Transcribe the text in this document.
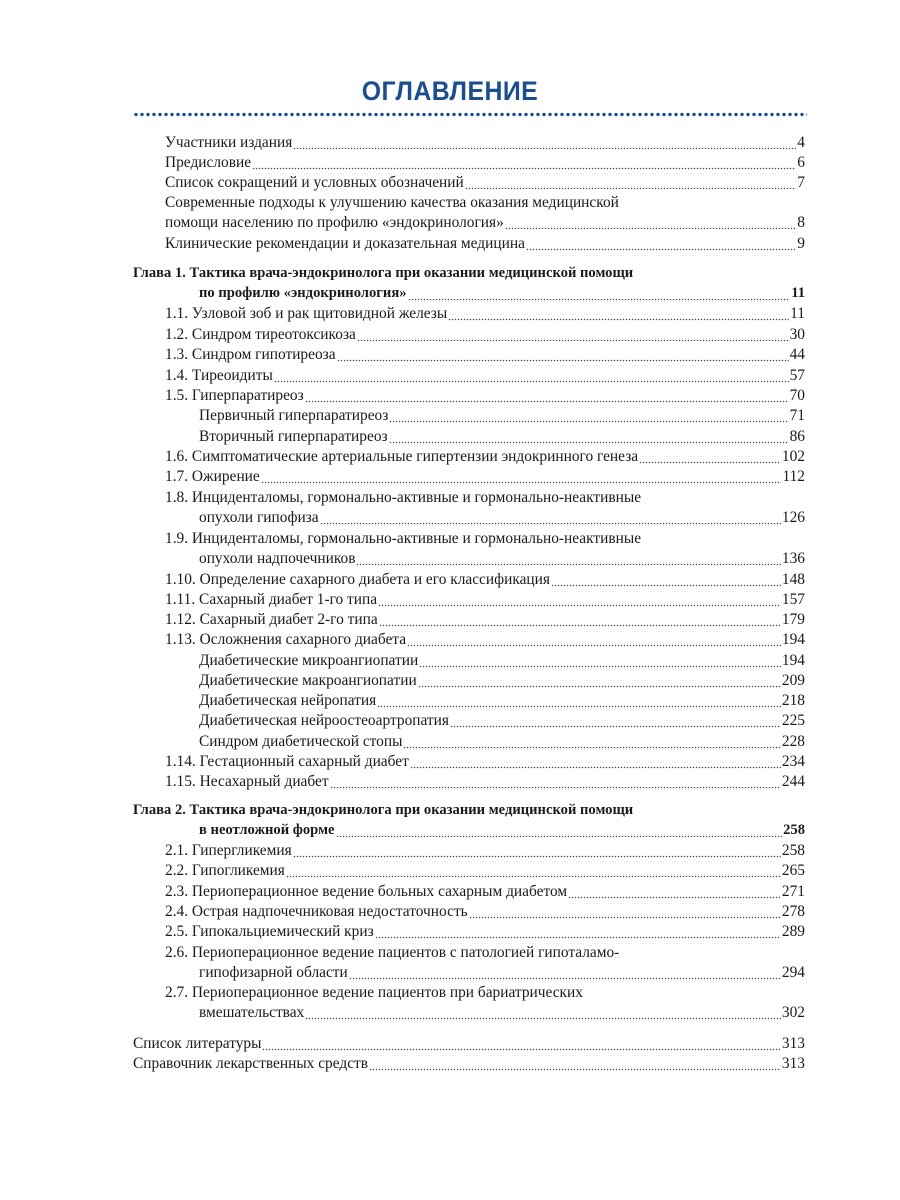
ОГЛАВЛЕНИЕ
Участники издания	4
Предисловие	6
Список сокращений и условных обозначений	7
Современные подходы к улучшению качества оказания медицинской
помощи населению по профилю «эндокринология»	8
Клинические рекомендации и доказательная медицина	9
Глава 1. Тактика врача-эндокринолога при оказании медицинской помощи
по профилю «эндокринология»	11
1.1. Узловой зоб и рак щитовидной железы	11
1.2. Синдром тиреотоксикоза	30
1.3. Синдром гипотиреоза	44
1.4. Тиреоидиты	57
1.5. Гиперпаратиреоз	70
Первичный гиперпаратиреоз	71
Вторичный гиперпаратиреоз	86
1.6. Симптоматические артериальные гипертензии эндокринного генеза	102
1.7. Ожирение	112
1.8. Инциденталомы, гормонально-активные и гормонально-неактивные
опухоли гипофиза	126
1.9. Инциденталомы, гормонально-активные и гормонально-неактивные
опухоли надпочечников	136
1.10. Определение сахарного диабета и его классификация	148
1.11. Сахарный диабет 1-го типа	157
1.12. Сахарный диабет 2-го типа	179
1.13. Осложнения сахарного диабета	194
Диабетические микроангиопатии	194
Диабетические макроангиопатии	209
Диабетическая нейропатия	218
Диабетическая нейроостеоартропатия	225
Синдром диабетической стопы	228
1.14. Гестационный сахарный диабет	234
1.15. Несахарный диабет	244
Глава 2. Тактика врача-эндокринолога при оказании медицинской помощи
в неотложной форме	258
2.1. Гипергликемия	258
2.2. Гипогликемия	265
2.3. Периоперационное ведение больных сахарным диабетом	271
2.4. Острая надпочечниковая недостаточность	278
2.5. Гипокальциемический криз	289
2.6. Периоперационное ведение пациентов с патологией гипоталамо-
гипофизарной области	294
2.7. Периоперационное ведение пациентов при бариатрических
вмешательствах	302
Список литературы	313
Справочник лекарственных средств	313
